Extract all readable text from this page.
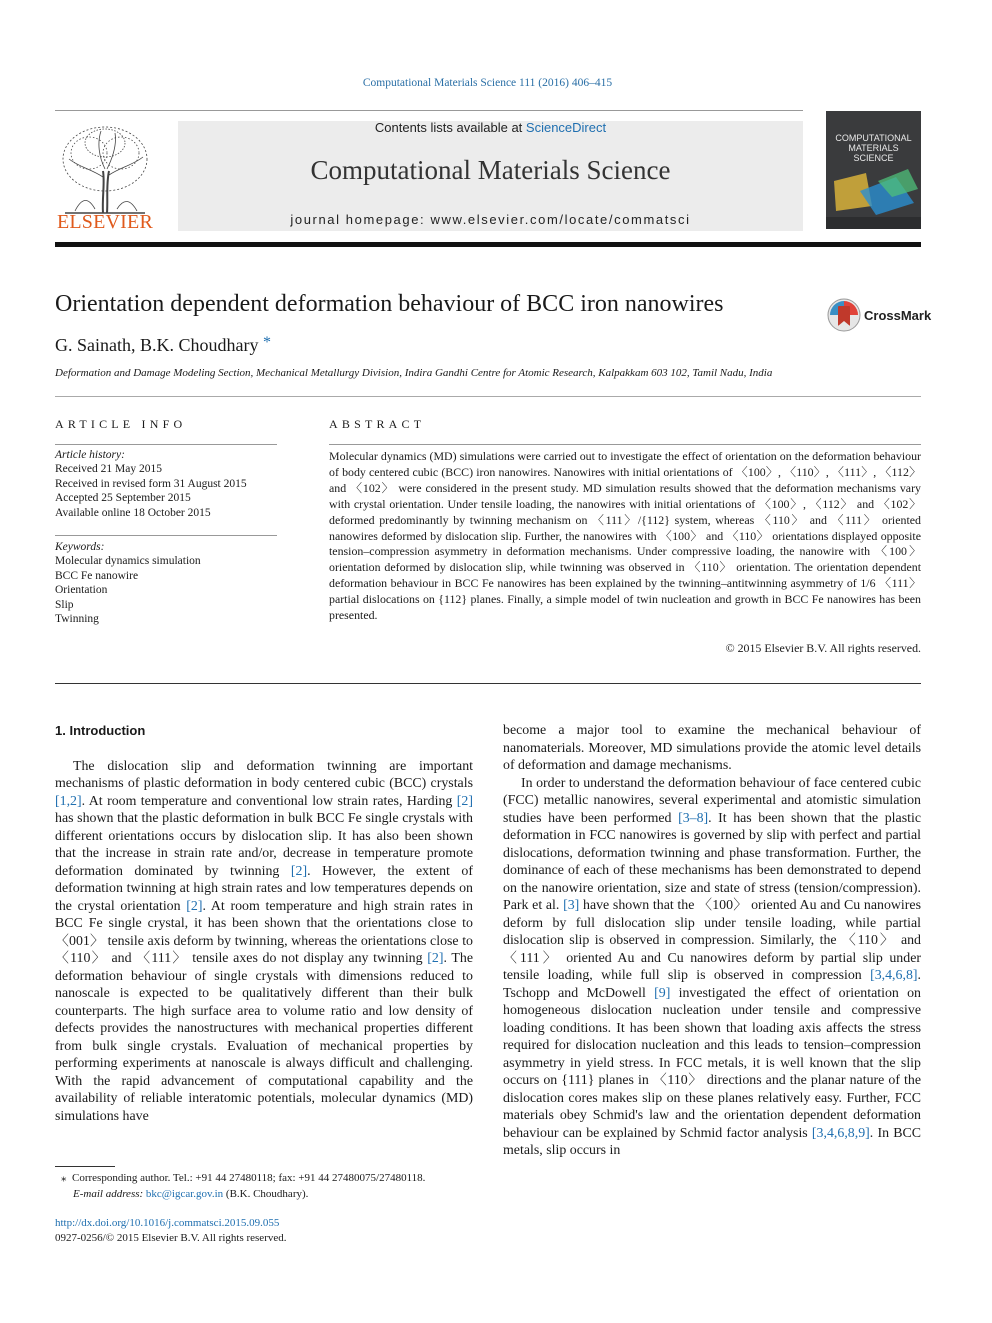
Computational Materials Science 111 (2016) 406–415
ELSEVIER
Contents lists available at ScienceDirect
Computational Materials Science
journal homepage: www.elsevier.com/locate/commatsci
COMPUTATIONAL
MATERIALS
SCIENCE
Orientation dependent deformation behaviour of BCC iron nanowires	CrossMark
G. Sainath, B.K. Choudhary *
Deformation and Damage Modeling Section, Mechanical Metallurgy Division, Indira Gandhi Centre for Atomic Research, Kalpakkam 603 102, Tamil Nadu, India
ARTICLE INFO
Article history:
Received 21 May 2015
Received in revised form 31 August 2015
Accepted 25 September 2015
Available online 18 October 2015
Keywords:
Molecular dynamics simulation
BCC Fe nanowire
Orientation
Slip
Twinning
ABSTRACT
Molecular dynamics (MD) simulations were carried out to investigate the effect of orientation on the deformation behaviour of body centered cubic (BCC) iron nanowires. Nanowires with initial orientations of 〈100〉, 〈110〉, 〈111〉, 〈112〉 and 〈102〉 were considered in the present study. MD simulation results showed that the deformation mechanisms vary with crystal orientation. Under tensile loading, the nanowires with initial orientations of 〈100〉, 〈112〉 and 〈102〉 deformed predominantly by twinning mechanism on 〈111〉/{112} system, whereas 〈110〉 and 〈111〉 oriented nanowires deformed by dislocation slip. Further, the nanowires with 〈100〉 and 〈110〉 orientations displayed opposite tension–compression asymmetry in deformation mechanisms. Under compressive loading, the nanowire with 〈100〉 orientation deformed by dislocation slip, while twinning was observed in 〈110〉 orientation. The orientation dependent deformation behaviour in BCC Fe nanowires has been explained by the twinning–antitwinning asymmetry of 1/6 〈111〉 partial dislocations on {112} planes. Finally, a simple model of twin nucleation and growth in BCC Fe nanowires has been presented.
© 2015 Elsevier B.V. All rights reserved.
1. Introduction

The dislocation slip and deformation twinning are important mechanisms of plastic deformation in body centered cubic (BCC) crystals [1,2]. At room temperature and conventional low strain rates, Harding [2] has shown that the plastic deformation in bulk BCC Fe single crystals with different orientations occurs by dislocation slip. It has also been shown that the increase in strain rate and/or, decrease in temperature promote deformation dominated by twinning [2]. However, the extent of deformation twinning at high strain rates and low temperatures depends on the crystal orientation [2]. At room temperature and high strain rates in BCC Fe single crystal, it has been shown that the orientations close to 〈001〉 tensile axis deform by twinning, whereas the orientations close to 〈110〉 and 〈111〉 tensile axes do not display any twinning [2]. The deformation behaviour of single crystals with dimensions reduced to nanoscale is expected to be qualitatively different than their bulk counterparts. The high surface area to volume ratio and low density of defects provides the nanostructures with mechanical properties different from bulk single crystals. Evaluation of mechanical properties by performing experiments at nanoscale is always difficult and challenging. With the rapid advancement of computational capability and the availability of reliable interatomic potentials, molecular dynamics (MD) simulations have

become a major tool to examine the mechanical behaviour of nanomaterials. Moreover, MD simulations provide the atomic level details of deformation and damage mechanisms.

In order to understand the deformation behaviour of face centered cubic (FCC) metallic nanowires, several experimental and atomistic simulation studies have been performed [3–8]. It has been shown that the plastic deformation in FCC nanowires is governed by slip with perfect and partial dislocations, deformation twinning and phase transformation. Further, the dominance of each of these mechanisms has been demonstrated to depend on the nanowire orientation, size and state of stress (tension/compression). Park et al. [3] have shown that the 〈100〉 oriented Au and Cu nanowires deform by full dislocation slip under tensile loading, while partial dislocation slip is observed in compression. Similarly, the 〈110〉 and 〈111〉 oriented Au and Cu nanowires deform by partial slip under tensile loading, while full slip is observed in compression [3,4,6,8]. Tschopp and McDowell [9] investigated the effect of orientation on homogeneous dislocation nucleation under tensile and compressive loading conditions. It has been shown that loading axis affects the stress required for dislocation nucleation and this leads to tension–compression asymmetry in yield stress. In FCC metals, it is well known that the slip occurs on {111} planes in 〈110〉 directions and the planar nature of the dislocation cores makes slip on these planes relatively easy. Further, FCC materials obey Schmid's law and the orientation dependent deformation behaviour can be explained by Schmid factor analysis [3,4,6,8,9]. In BCC metals, slip occurs in

⁎ Corresponding author. Tel.: +91 44 27480118; fax: +91 44 27480075/27480118.
E-mail address: bkc@igcar.gov.in (B.K. Choudhary).
http://dx.doi.org/10.1016/j.commatsci.2015.09.055
0927-0256/© 2015 Elsevier B.V. All rights reserved.
